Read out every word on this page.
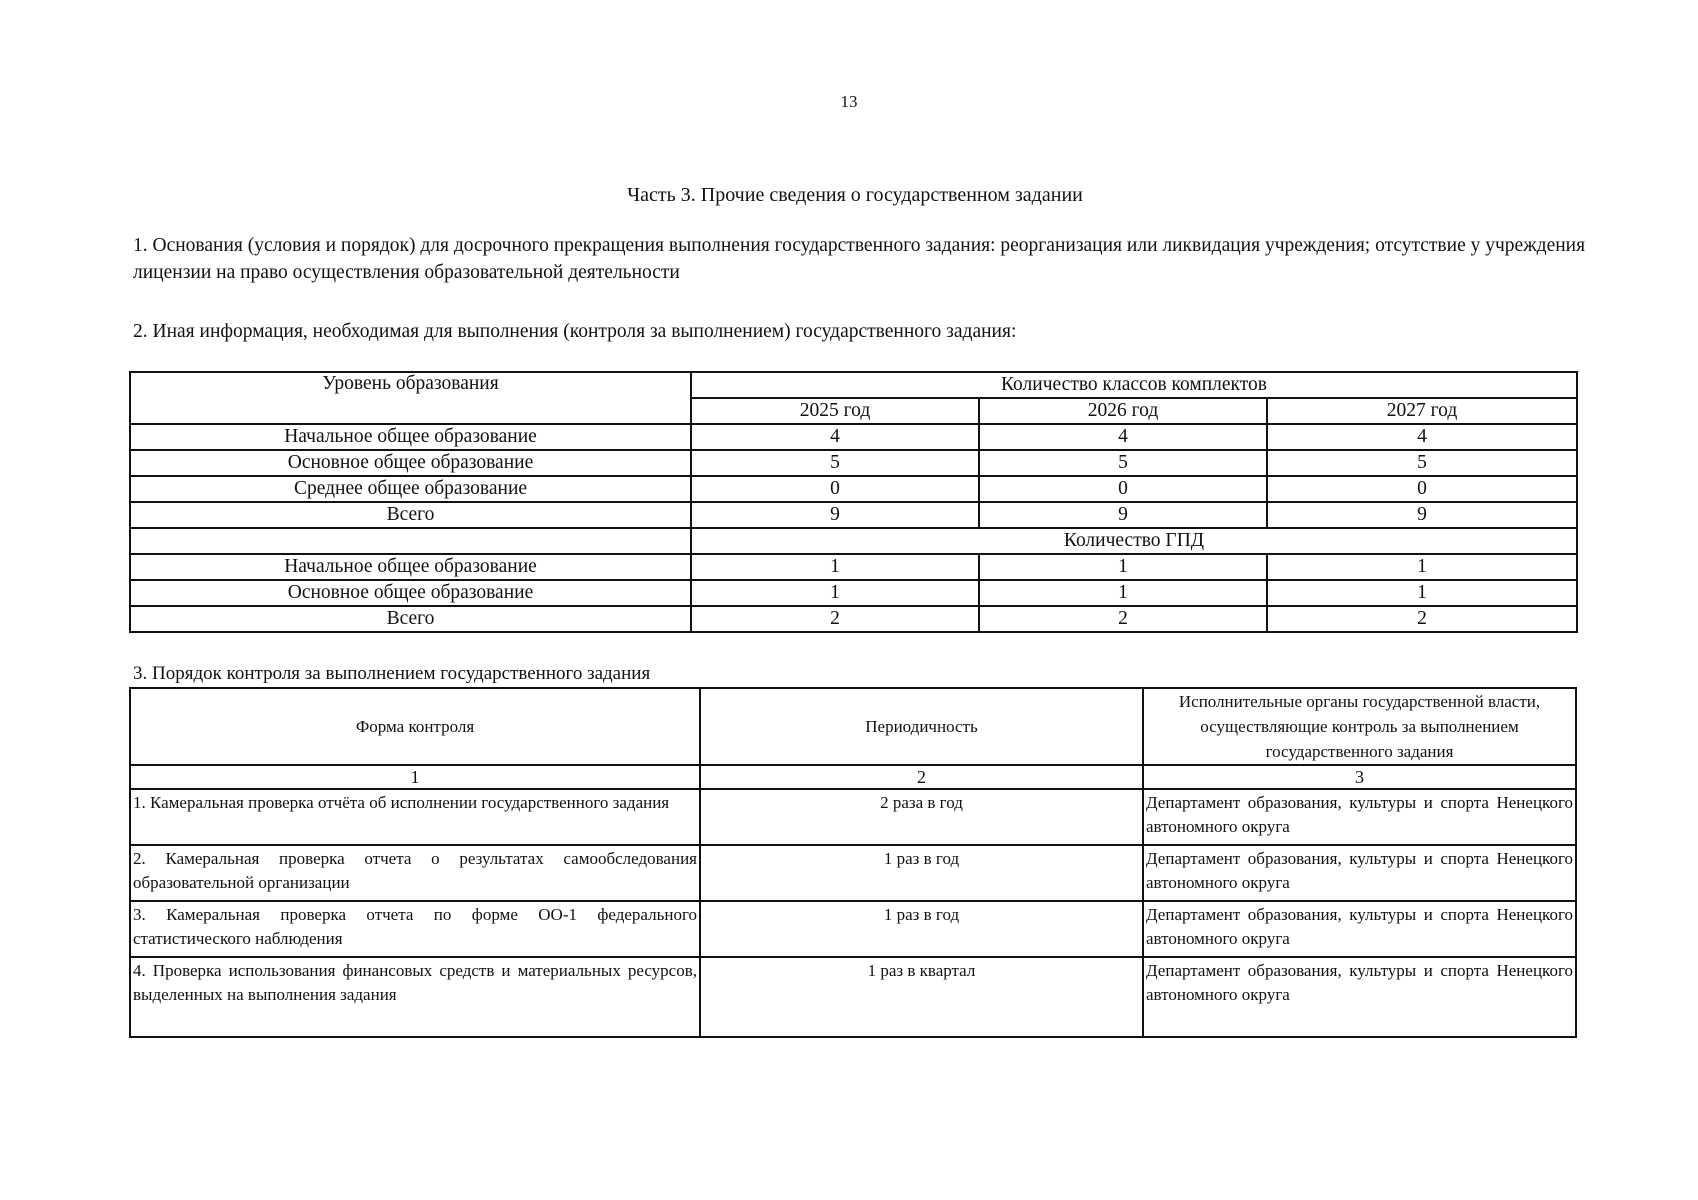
13
Часть 3. Прочие сведения о государственном задании
1. Основания (условия и порядок) для досрочного прекращения выполнения государственного задания: реорганизация или ликвидация учреждения; отсутствие у учреждения лицензии на право осуществления образовательной деятельности
2. Иная информация, необходимая для выполнения (контроля за выполнением) государственного задания:
Уровень образования	Количество классов комплектов		
	2025 год	2026 год	2027 год
Начальное общее образование	4	4	4
Основное общее образование	5	5	5
Среднее общее образование	0	0	0
Всего	9	9	9
	Количество ГПД		
Начальное общее образование	1	1	1
Основное общее образование	1	1	1
Всего	2	2	2
3. Порядок контроля за выполнением государственного задания
Форма контроля	Периодичность	Исполнительные органы государственной власти, осуществляющие контроль за выполнением государственного задания
1	2	3
1. Камеральная проверка отчёта об исполнении государственного задания	2 раза в год	Департамент образования, культуры и спорта Ненецкого автономного округа
2. Камеральная проверка отчета о результатах самообследования образовательной организации	1 раз в год	Департамент образования, культуры и спорта Ненецкого автономного округа
3. Камеральная проверка отчета по форме ОО-1 федерального статистического наблюдения	1 раз в год	Департамент образования, культуры и спорта Ненецкого автономного округа
4. Проверка использования финансовых средств и материальных ресурсов, выделенных на выполнения задания	1 раз в квартал	Департамент образования, культуры и спорта Ненецкого автономного округа
